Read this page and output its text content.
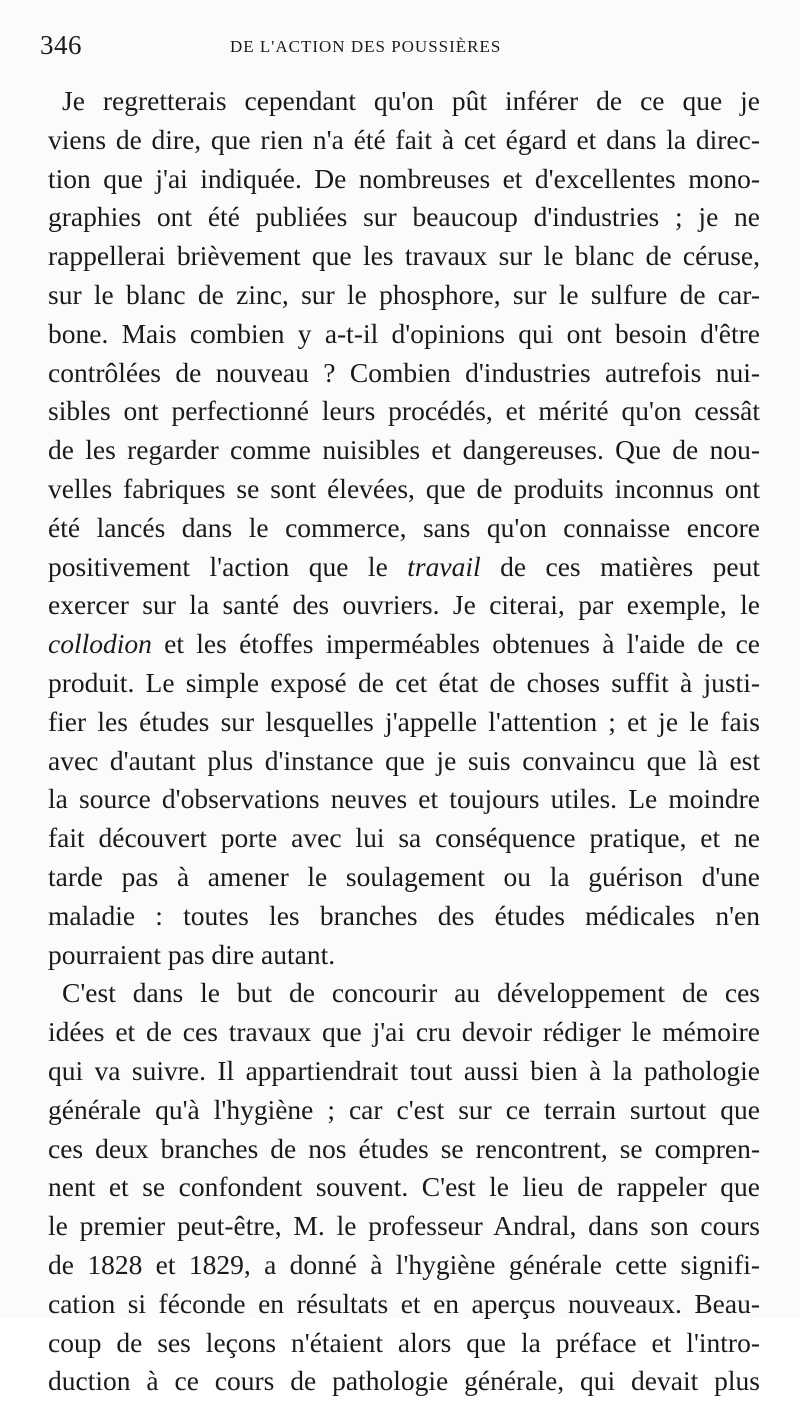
346	DE L'ACTION DES POUSSIÈRES
Je regretterais cependant qu'on pût inférer de ce que je
viens de dire, que rien n'a été fait à cet égard et dans la direc-
tion que j'ai indiquée. De nombreuses et d'excellentes mono-
graphies ont été publiées sur beaucoup d'industries ; je ne
rappellerai brièvement que les travaux sur le blanc de céruse,
sur le blanc de zinc, sur le phosphore, sur le sulfure de car-
bone. Mais combien y a-t-il d'opinions qui ont besoin d'être
contrôlées de nouveau ? Combien d'industries autrefois nui-
sibles ont perfectionné leurs procédés, et mérité qu'on cessât
de les regarder comme nuisibles et dangereuses. Que de nou-
velles fabriques se sont élevées, que de produits inconnus ont
été lancés dans le commerce, sans qu'on connaisse encore
positivement l'action que le travail de ces matières peut
exercer sur la santé des ouvriers. Je citerai, par exemple, le
collodion et les étoffes imperméables obtenues à l'aide de ce
produit. Le simple exposé de cet état de choses suffit à justi-
fier les études sur lesquelles j'appelle l'attention ; et je le fais
avec d'autant plus d'instance que je suis convaincu que là est
la source d'observations neuves et toujours utiles. Le moindre
fait découvert porte avec lui sa conséquence pratique, et ne
tarde pas à amener le soulagement ou la guérison d'une
maladie : toutes les branches des études médicales n'en
pourraient pas dire autant.
C'est dans le but de concourir au développement de ces
idées et de ces travaux que j'ai cru devoir rédiger le mémoire
qui va suivre. Il appartiendrait tout aussi bien à la pathologie
générale qu'à l'hygiène ; car c'est sur ce terrain surtout que
ces deux branches de nos études se rencontrent, se compren-
nent et se confondent souvent. C'est le lieu de rappeler que
le premier peut-être, M. le professeur Andral, dans son cours
de 1828 et 1829, a donné à l'hygiène générale cette signifi-
cation si féconde en résultats et en aperçus nouveaux. Beau-
coup de ses leçons n'étaient alors que la préface et l'intro-
duction à ce cours de pathologie générale, qui devait plus
